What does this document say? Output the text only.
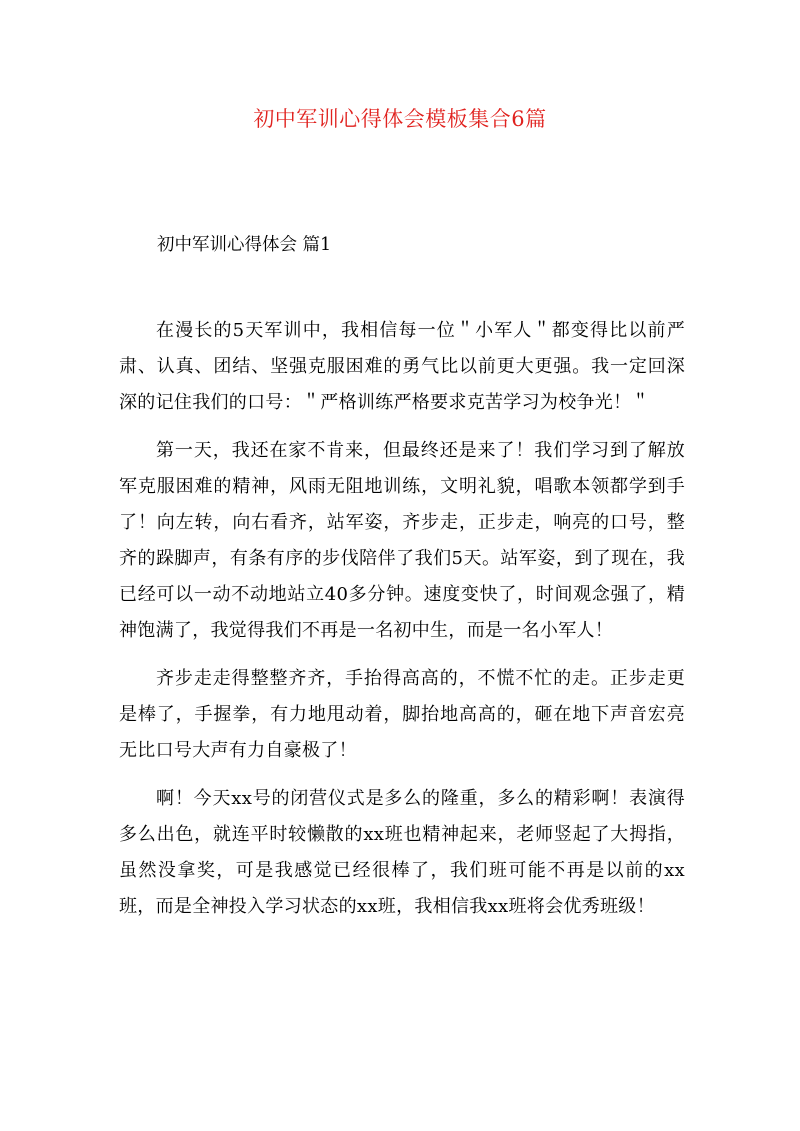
初中军训心得体会模板集合6篇
初中军训心得体会 篇1

在漫长的5天军训中，我相信每一位＂小军人＂都变得比以前严肃、认真、团结、坚强克服困难的勇气比以前更大更强。我一定回深深的记住我们的口号：＂严格训练严格要求克苦学习为校争光！＂

第一天，我还在家不肯来，但最终还是来了！我们学习到了解放军克服困难的精神，风雨无阻地训练，文明礼貌，唱歌本领都学到手了！向左转，向右看齐，站军姿，齐步走，正步走，响亮的口号，整齐的跺脚声，有条有序的步伐陪伴了我们5天。站军姿，到了现在，我已经可以一动不动地站立40多分钟。速度变快了，时间观念强了，精神饱满了，我觉得我们不再是一名初中生，而是一名小军人！

齐步走走得整整齐齐，手抬得高高的，不慌不忙的走。正步走更是棒了，手握拳，有力地甩动着，脚抬地高高的，砸在地下声音宏亮无比口号大声有力自豪极了！

啊！今天xx号的闭营仪式是多么的隆重，多么的精彩啊！表演得多么出色，就连平时较懒散的xx班也精神起来，老师竖起了大拇指，虽然没拿奖，可是我感觉已经很棒了，我们班可能不再是以前的xx班，而是全神投入学习状态的xx班，我相信我xx班将会优秀班级！
